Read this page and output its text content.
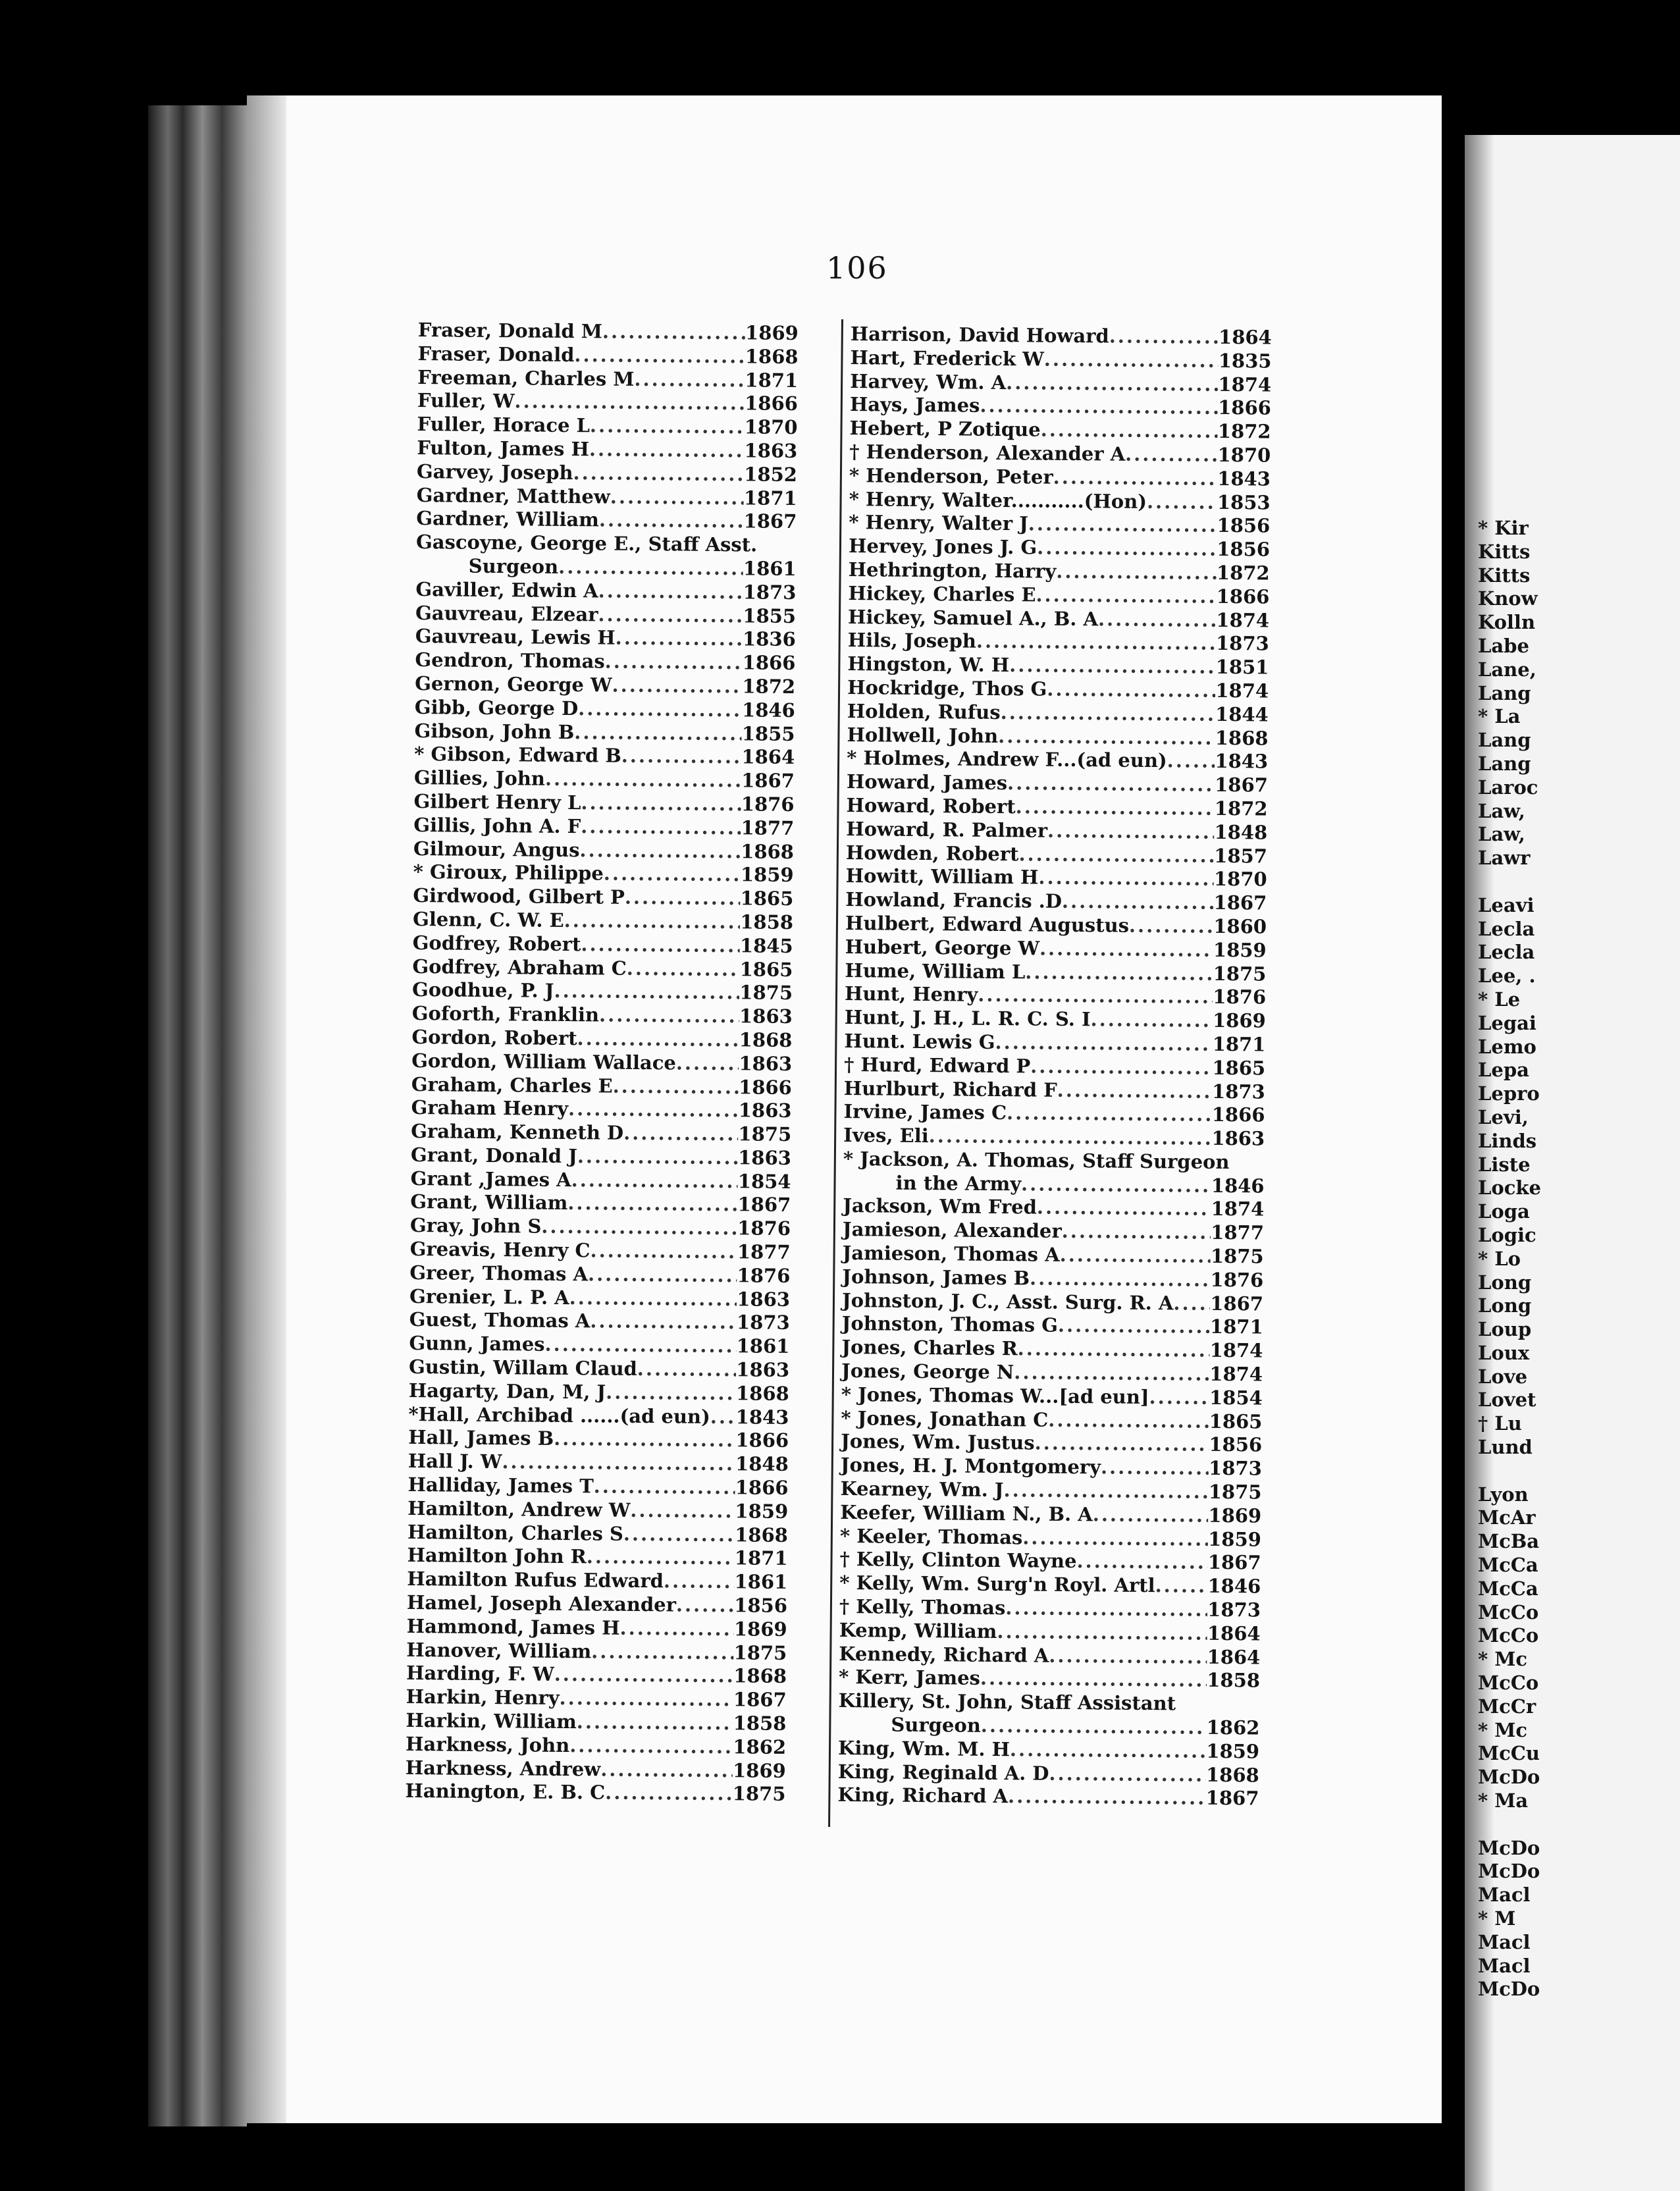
* Kir
Kitts
Kitts
Know
Kolln
Labe
Lane,
Lang
* La
Lang
Lang
Laroc
Law,
Law,
Lawr
Leavi
Lecla
Lecla
Lee, .
* Le
Legai
Lemo
Lepa
Lepro
Levi,
Linds
Liste
Locke
Loga
Logic
* Lo
Long
Long
Loup
Loux
Love
Lovet
† Lu
Lund
Lyon
McAr
McBa
McCa
McCa
McCo
McCo
* Mc
McCo
McCr
* Mc
McCu
McDo
* Ma
McDo
McDo
Macl
* M
Macl
Macl
McDo
106
Fraser, Donald M .....	1869
Fraser, Donald .....	1868
Freeman, Charles M .....	1871
Fuller, W .....	1866
Fuller, Horace L .....	1870
Fulton, James H .....	1863
Garvey, Joseph .....	1852
Gardner, Matthew .....	1871
Gardner, William .....	1867
Gascoyne, George E., Staff Asst.
Surgeon .....	1861
Gaviller, Edwin A .....	1873
Gauvreau, Elzear .....	1855
Gauvreau, Lewis H .....	1836
Gendron, Thomas .....	1866
Gernon, George W .....	1872
Gibb, George D .....	1846
Gibson, John B .....	1855
* Gibson, Edward B .....	1864
Gillies, John .....	1867
Gilbert Henry L .....	1876
Gillis, John A. F .....	1877
Gilmour, Angus .....	1868
* Giroux, Philippe .....	1859
Girdwood, Gilbert P .....	1865
Glenn, C. W. E .....	1858
Godfrey, Robert .....	1845
Godfrey, Abraham C .....	1865
Goodhue, P. J .....	1875
Goforth, Franklin .....	1863
Gordon, Robert .....	1868
Gordon, William Wallace .....	1863
Graham, Charles E .....	1866
Graham Henry .....	1863
Graham, Kenneth D .....	1875
Grant, Donald J .....	1863
Grant ,James A .....	1854
Grant, William .....	1867
Gray, John S .....	1876
Greavis, Henry C .....	1877
Greer, Thomas A .....	1876
Grenier, L. P. A .....	1863
Guest, Thomas A .....	1873
Gunn, James .....	1861
Gustin, Willam Claud .....	1863
Hagarty, Dan, M, J .....	1868
*Hall, Archibad ......(ad eun) ..... 1843
Hall, James B .....	1866
Hall J. W .....	1848
Halliday, James T .....	1866
Hamilton, Andrew W .....	1859
Hamilton, Charles S .....	1868
Hamilton John R .....	1871
Hamilton Rufus Edward .....	1861
Hamel, Joseph Alexander .....	1856
Hammond, James H .....	1869
Hanover, William .....	1875
Harding, F. W .....	1868
Harkin, Henry .....	1867
Harkin, William .....	1858
Harkness, John .....	1862
Harkness, Andrew .....	1869
Hanington, E. B. C .....	1875
Harrison, David Howard .....	1864
Hart, Frederick W .....	1835
Harvey, Wm. A .....	1874
Hays, James .....	1866
Hebert, P Zotique .....	1872
† Henderson, Alexander A .....	1870
* Henderson, Peter .....	1843
* Henry, Walter...........(Hon) .....	1853
* Henry, Walter J .....	1856
Hervey, Jones J. G .....	1856
Hethrington, Harry .....	1872
Hickey, Charles E .....	1866
Hickey, Samuel A., B. A .....	1874
Hils, Joseph .....	1873
Hingston, W. H .....	1851
Hockridge, Thos G .....	1874
Holden, Rufus .....	1844
Hollwell, John .....	1868
* Holmes, Andrew F...(ad eun) ..... 1843
Howard, James .....	1867
Howard, Robert .....	1872
Howard, R. Palmer .....	1848
Howden, Robert .....	1857
Howitt, William H .....	1870
Howland, Francis .D .....	1867
Hulbert, Edward Augustus .....	1860
Hubert, George W .....	1859
Hume, William L .....	1875
Hunt, Henry .....	1876
Hunt, J. H., L. R. C. S. I .....	1869
Hunt. Lewis G .....	1871
† Hurd, Edward P .....	1865
Hurlburt, Richard F .....	1873
Irvine, James C .....	1866
Ives, Eli .....	1863
* Jackson, A. Thomas, Staff Surgeon
in the Army .....	1846
Jackson, Wm Fred .....	1874
Jamieson, Alexander .....	1877
Jamieson, Thomas A .....	1875
Johnson, James B .....	1876
Johnston, J. C., Asst. Surg. R. A ..... 1867
Johnston, Thomas G .....	1871
Jones, Charles R .....	1874
Jones, George N .....	1874
* Jones, Thomas W...[ad eun] .....	1854
* Jones, Jonathan C .....	1865
Jones, Wm. Justus .....	1856
Jones, H. J. Montgomery .....	1873
Kearney, Wm. J .....	1875
Keefer, William N., B. A .....	1869
* Keeler, Thomas .....	1859
† Kelly, Clinton Wayne .....	1867
* Kelly, Wm. Surg'n Royl. Artl .....	1846
† Kelly, Thomas .....	1873
Kemp, William .....	1864
Kennedy, Richard A .....	1864
* Kerr, James .....	1858
Killery, St. John, Staff Assistant
Surgeon .....	1862
King, Wm. M. H .....	1859
King, Reginald A. D .....	1868
King, Richard A .....	1867
